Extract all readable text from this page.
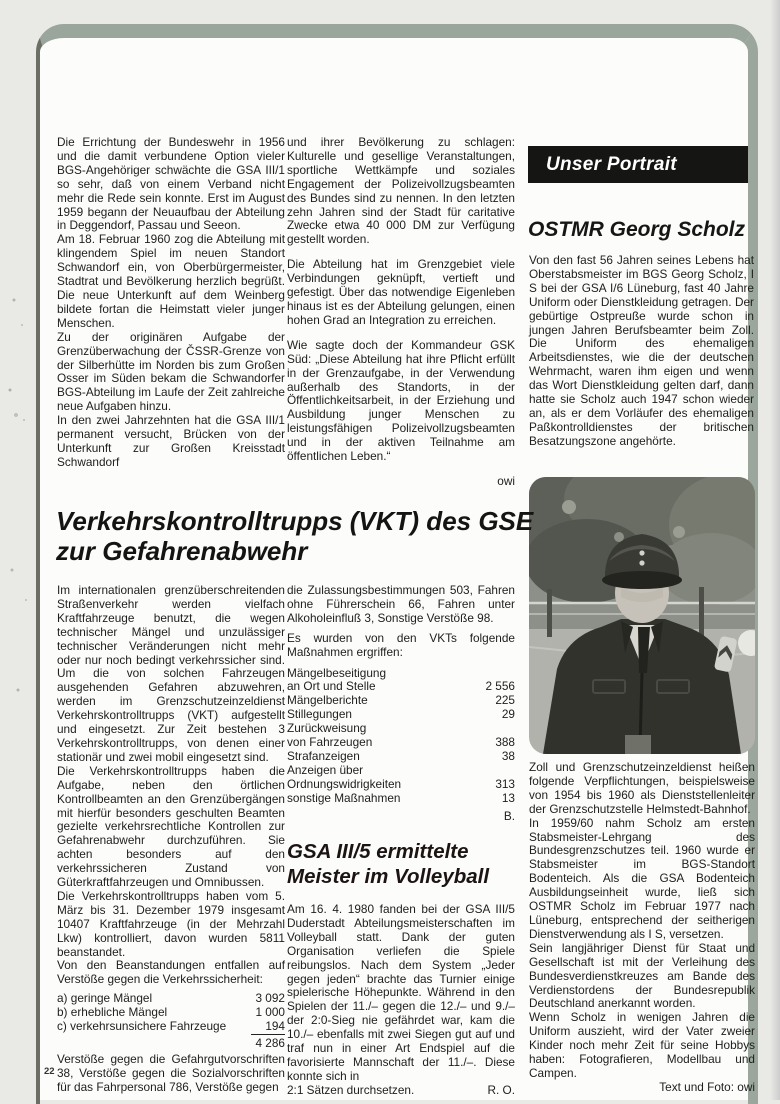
Die Errichtung der Bundeswehr in 1956 und die damit verbundene Option vieler BGS-Angehöriger schwächte die GSA III/1 so sehr, daß von einem Verband nicht mehr die Rede sein konnte. Erst im August 1959 begann der Neuaufbau der Abteilung in Deggendorf, Passau und Seeon.

Am 18. Februar 1960 zog die Abteilung mit klingendem Spiel im neuen Standort Schwandorf ein, von Oberbürgermeister, Stadtrat und Bevölkerung herzlich begrüßt. Die neue Unterkunft auf dem Weinberg bildete fortan die Heimstatt vieler junger Menschen.

Zu der originären Aufgabe der Grenzüberwachung der ČSSR-Grenze von der Silberhütte im Norden bis zum Großen Osser im Süden bekam die Schwandorfer BGS-Abteilung im Laufe der Zeit zahlreiche neue Aufgaben hinzu.

In den zwei Jahrzehnten hat die GSA III/1 permanent versucht, Brücken von der Unterkunft zur Großen Kreisstadt Schwandorf

und ihrer Bevölkerung zu schlagen: Kulturelle und gesellige Veranstaltungen, sportliche Wettkämpfe und soziales Engagement der Polizeivollzugsbeamten des Bundes sind zu nennen. In den letzten zehn Jahren sind der Stadt für caritative Zwecke etwa 40 000 DM zur Verfügung gestellt worden.

Die Abteilung hat im Grenzgebiet viele Verbindungen geknüpft, vertieft und gefestigt. Über das notwendige Eigenleben hinaus ist es der Abteilung gelungen, einen hohen Grad an Integration zu erreichen.

Wie sagte doch der Kommandeur GSK Süd: „Diese Abteilung hat ihre Pflicht erfüllt in der Grenzaufgabe, in der Verwendung außerhalb des Standorts, in der Öffentlichkeitsarbeit, in der Erziehung und Ausbildung junger Menschen zu leistungsfähigen Polizeivollzugsbeamten und in der aktiven Teilnahme am öffentlichen Leben.“

owi

Unser Portrait
OSTMR Georg Scholz

Von den fast 56 Jahren seines Lebens hat Oberstabsmeister im BGS Georg Scholz, I S bei der GSA I/6 Lüneburg, fast 40 Jahre Uniform oder Dienstkleidung getragen. Der gebürtige Ostpreuße wurde schon in jungen Jahren Berufsbeamter beim Zoll. Die Uniform des ehemaligen Arbeitsdienstes, wie die der deutschen Wehrmacht, waren ihm eigen und wenn das Wort Dienstkleidung gelten darf, dann hatte sie Scholz auch 1947 schon wieder an, als er dem Vorläufer des ehemaligen Paßkontrolldienstes der britischen Besatzungszone angehörte.

Zoll und Grenzschutzeinzeldienst heißen folgende Verpflichtungen, beispielsweise von 1954 bis 1960 als Dienststellenleiter der Grenzschutzstelle Helmstedt-Bahnhof.

In 1959/60 nahm Scholz am ersten Stabsmeister-Lehrgang des Bundesgrenzschutzes teil. 1960 wurde er Stabsmeister im BGS-Standort Bodenteich. Als die GSA Bodenteich Ausbildungseinheit wurde, ließ sich OSTMR Scholz im Februar 1977 nach Lüneburg, entsprechend der seitherigen Dienstverwendung als I S, versetzen.

Sein langjähriger Dienst für Staat und Gesellschaft ist mit der Verleihung des Bundesverdienstkreuzes am Bande des Verdienstordens der Bundesrepublik Deutschland anerkannt worden.

Wenn Scholz in wenigen Jahren die Uniform auszieht, wird der Vater zweier Kinder noch mehr Zeit für seine Hobbys haben: Fotografieren, Modellbau und Campen.

Text und Foto: owi

Verkehrskontrolltrupps (VKT) des GSE
zur Gefahrenabwehr

Im internationalen grenzüberschreitenden Straßenverkehr werden vielfach Kraftfahrzeuge benutzt, die wegen technischer Mängel und unzulässiger technischer Veränderungen nicht mehr oder nur noch bedingt verkehrssicher sind. Um die von solchen Fahrzeugen ausgehenden Gefahren abzuwehren, werden im Grenzschutzeinzeldienst Verkehrskontrolltrupps (VKT) aufgestellt und eingesetzt. Zur Zeit bestehen 3 Verkehrskontrolltrupps, von denen einer stationär und zwei mobil eingesetzt sind.

Die Verkehrskontrolltrupps haben die Aufgabe, neben den örtlichen Kontrollbeamten an den Grenzübergängen mit hierfür besonders geschulten Beamten gezielte verkehrsrechtliche Kontrollen zur Gefahrenabwehr durchzuführen. Sie achten besonders auf den verkehrssicheren Zustand von Güterkraftfahrzeugen und Omnibussen.

Die Verkehrskontrolltrupps haben vom 5. März bis 31. Dezember 1979 insgesamt 10407 Kraftfahrzeuge (in der Mehrzahl Lkw) kontrolliert, davon wurden 5811 beanstandet.

Von den Beanstandungen entfallen auf Verstöße gegen die Verkehrssicherheit:

a) geringe Mängel	3 092
b) erhebliche Mängel	1 000
c) verkehrsunsichere Fahrzeuge	194
4 286

Verstöße gegen die Gefahrgutvorschriften 38, Verstöße gegen die Sozialvorschriften für das Fahrpersonal 786, Verstöße gegen

die Zulassungsbestimmungen 503, Fahren ohne Führerschein 66, Fahren unter Alkoholeinfluß 3, Sonstige Verstöße 98.

Es wurden von den VKTs folgende Maßnahmen ergriffen:

Mängelbeseitigung
an Ort und Stelle	2 556
Mängelberichte	225
Stillegungen	29
Zurückweisung
von Fahrzeugen	388
Strafanzeigen	38
Anzeigen über
Ordnungswidrigkeiten	313
sonstige Maßnahmen	13

B.

GSA III/5 ermittelte
Meister im Volleyball

Am 16. 4. 1980 fanden bei der GSA III/5 Duderstadt Abteilungsmeisterschaften im Volleyball statt. Dank der guten Organisation verliefen die Spiele reibungslos. Nach dem System „Jeder gegen jeden“ brachte das Turnier einige spielerische Höhepunkte. Während in den Spielen der 11./– gegen die 12./– und 9./– der 2:0-Sieg nie gefährdet war, kam die 10./– ebenfalls mit zwei Siegen gut auf und traf nun in einer Art Endspiel auf die favorisierte Mannschaft der 11./–. Diese konnte sich in

2:1 Sätzen durchsetzen.	R. O.
22
